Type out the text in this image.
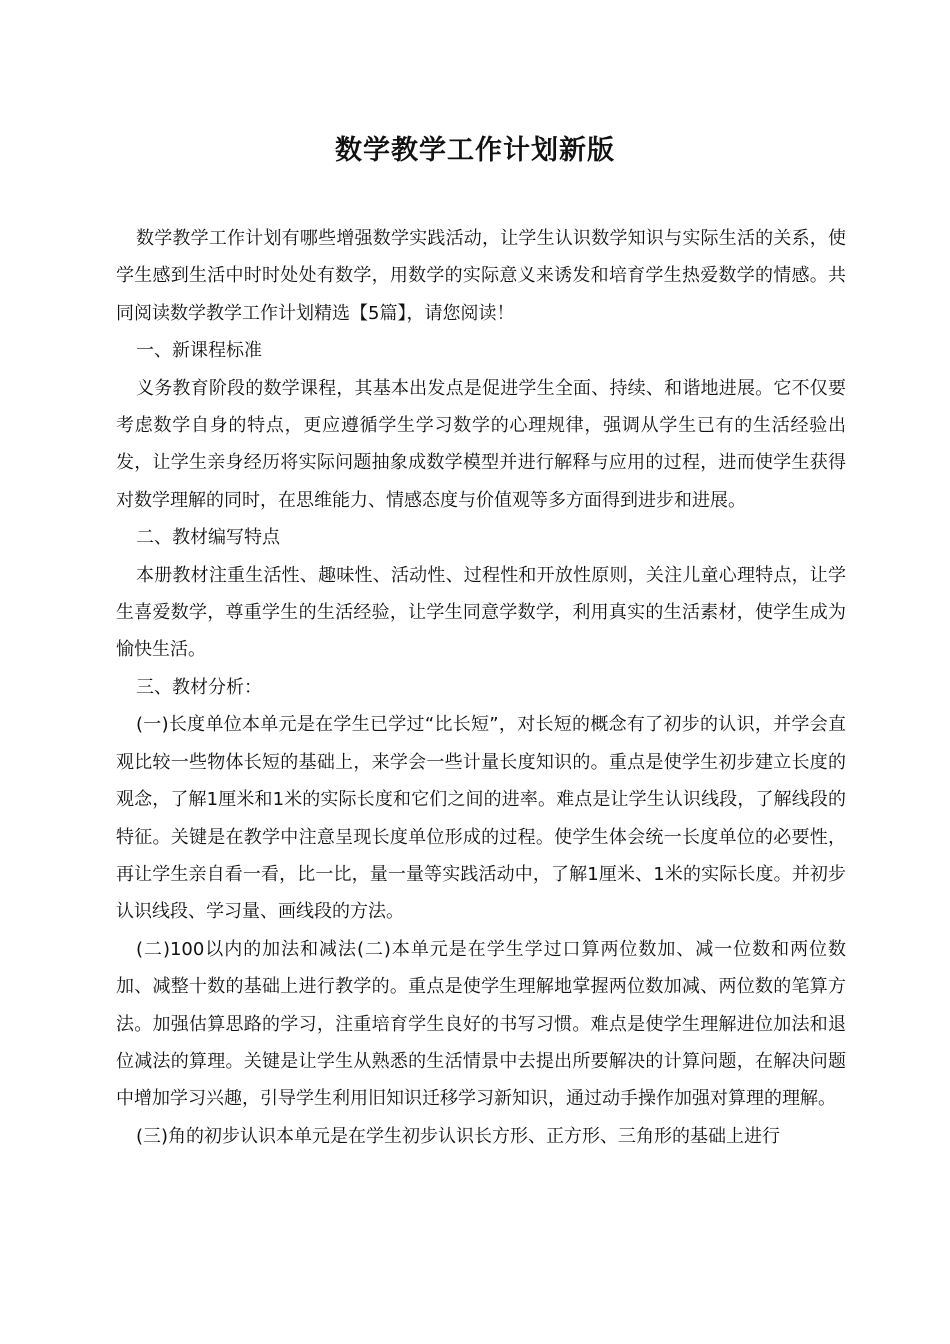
数学教学工作计划新版

数学教学工作计划有哪些增强数学实践活动，让学生认识数学知识与实际生活的关系，使学生感到生活中时时处处有数学，用数学的实际意义来诱发和培育学生热爱数学的情感。共同阅读数学教学工作计划精选【5篇】，请您阅读！

一、新课程标准

义务教育阶段的数学课程，其基本出发点是促进学生全面、持续、和谐地进展。它不仅要考虑数学自身的特点，更应遵循学生学习数学的心理规律，强调从学生已有的生活经验出发，让学生亲身经历将实际问题抽象成数学模型并进行解释与应用的过程，进而使学生获得对数学理解的同时，在思维能力、情感态度与价值观等多方面得到进步和进展。

二、教材编写特点

本册教材注重生活性、趣味性、活动性、过程性和开放性原则，关注儿童心理特点，让学生喜爱数学，尊重学生的生活经验，让学生同意学数学，利用真实的生活素材，使学生成为愉快生活。

三、教材分析：

(一)长度单位本单元是在学生已学过“比长短”，对长短的概念有了初步的认识，并学会直观比较一些物体长短的基础上，来学会一些计量长度知识的。重点是使学生初步建立长度的观念，了解1厘米和1米的实际长度和它们之间的进率。难点是让学生认识线段，了解线段的特征。关键是在教学中注意呈现长度单位形成的过程。使学生体会统一长度单位的必要性，再让学生亲自看一看，比一比，量一量等实践活动中，了解1厘米、1米的实际长度。并初步认识线段、学习量、画线段的方法。

(二)100以内的加法和减法(二)本单元是在学生学过口算两位数加、减一位数和两位数加、减整十数的基础上进行教学的。重点是使学生理解地掌握两位数加减、两位数的笔算方法。加强估算思路的学习，注重培育学生良好的书写习惯。难点是使学生理解进位加法和退位减法的算理。关键是让学生从熟悉的生活情景中去提出所要解决的计算问题，在解决问题中增加学习兴趣，引导学生利用旧知识迁移学习新知识，通过动手操作加强对算理的理解。

(三)角的初步认识本单元是在学生初步认识长方形、正方形、三角形的基础上进行
